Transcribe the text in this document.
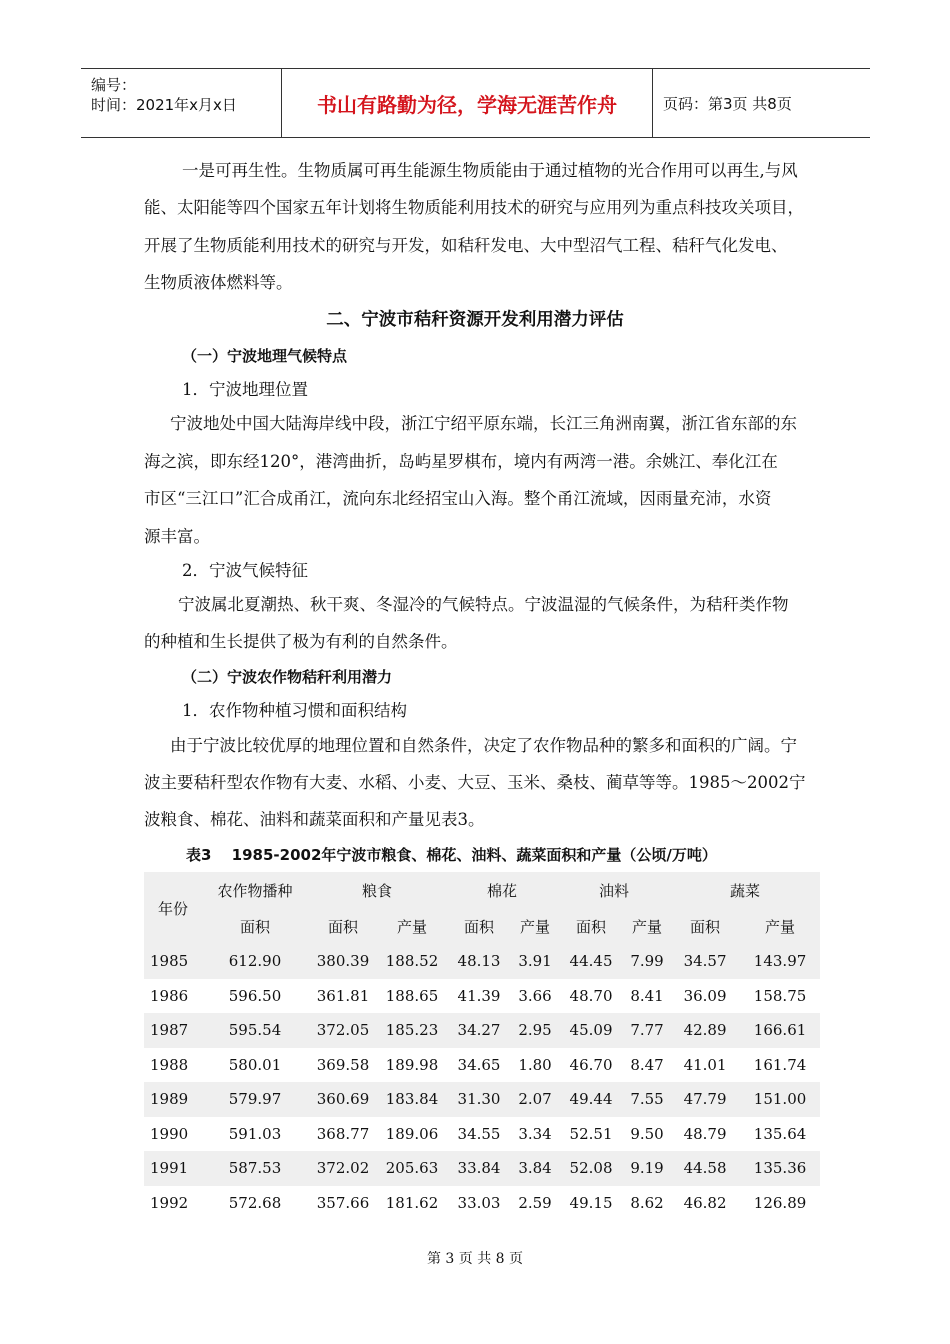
编号：
时间：2021年x月x日	书山有路勤为径，学海无涯苦作舟	页码：第3页 共8页
一是可再生性。生物质属可再生能源生物质能由于通过植物的光合作用可以再生,与风
能、太阳能等四个国家五年计划将生物质能利用技术的研究与应用列为重点科技攻关项目，
开展了生物质能利用技术的研究与开发，如秸秆发电、大中型沼气工程、秸秆气化发电、
生物质液体燃料等。
二、宁波市秸秆资源开发利用潜力评估
（一）宁波地理气候特点
1．宁波地理位置
宁波地处中国大陆海岸线中段，浙江宁绍平原东端，长江三角洲南翼，浙江省东部的东
海之滨，即东经120°，港湾曲折，岛屿星罗棋布，境内有两湾一港。余姚江、奉化江在
市区“三江口”汇合成甬江，流向东北经招宝山入海。整个甬江流域，因雨量充沛，水资
源丰富。
2．宁波气候特征
宁波属北夏潮热、秋干爽、冬湿冷的气候特点。宁波温湿的气候条件，为秸秆类作物
的种植和生长提供了极为有利的自然条件。
（二）宁波农作物秸秆利用潜力
1．农作物种植习惯和面积结构
由于宁波比较优厚的地理位置和自然条件，决定了农作物品种的繁多和面积的广阔。宁
波主要秸秆型农作物有大麦、水稻、小麦、大豆、玉米、桑枝、蔺草等等。1985～2002宁
波粮食、棉花、油料和蔬菜面积和产量见表3。
表3　 1985-2002年宁波市粮食、棉花、油料、蔬菜面积和产量（公顷/万吨）
年份	农作物播种	粮食		棉花		油料		蔬菜	
	面积	面积	产量	面积	产量	面积	产量	面积	产量
1985	612.90	380.39	188.52	48.13	3.91	44.45	7.99	34.57	143.97
1986	596.50	361.81	188.65	41.39	3.66	48.70	8.41	36.09	158.75
1987	595.54	372.05	185.23	34.27	2.95	45.09	7.77	42.89	166.61
1988	580.01	369.58	189.98	34.65	1.80	46.70	8.47	41.01	161.74
1989	579.97	360.69	183.84	31.30	2.07	49.44	7.55	47.79	151.00
1990	591.03	368.77	189.06	34.55	3.34	52.51	9.50	48.79	135.64
1991	587.53	372.02	205.63	33.84	3.84	52.08	9.19	44.58	135.36
1992	572.68	357.66	181.62	33.03	2.59	49.15	8.62	46.82	126.89
第 3 页 共 8 页
